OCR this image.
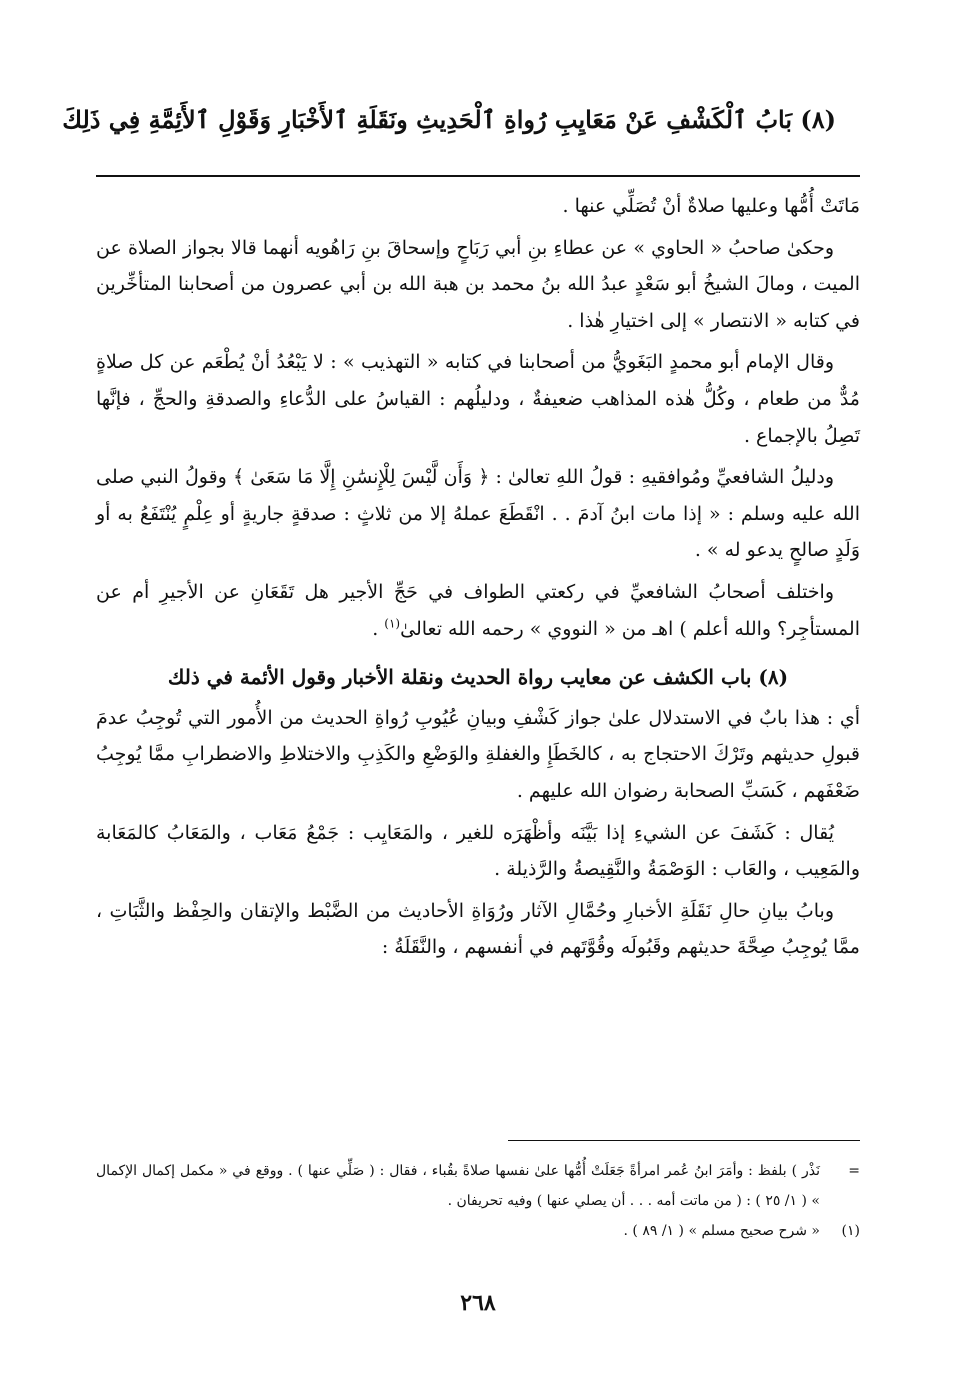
(٨) بَابُ ٱلْكَشْفِ عَنْ مَعَايِبِ رُواةِ ٱلْحَدِيثِ ونَقَلَةِ ٱلأَخْبَارِ وَقَوْلِ ٱلأَئِمَّةِ فِي ذَلِكَ

مَاتَتْ أُمُّها وعليها صلاةٌ أنْ تُصَلِّي عنها .

وحكىٰ صاحبُ « الحاوي » عن عطاءِ بنِ أبي رَبَاحٍ وإسحاقَ بنِ رَاهُويه أنهما قالا بجواز الصلاة عن الميت ، ومالَ الشيخُ أبو سَعْدٍ عبدُ الله بنُ محمد بن هبة الله بن أبي عصرون من أصحابنا المتأخِّرين في كتابه « الانتصار » إلى اختيارِ هٰذا .

وقال الإمام أبو محمدٍ البَغَويُّ من أصحابنا في كتابه « التهذيب » : لا يَبْعُدُ أنْ يُطْعَم عن كل صلاةٍ مُدٌّ من طعام ، وكُلُّ هٰذه المذاهب ضعيفةٌ ، ودليلُهم : القياسُ على الدُّعاءِ والصدقةِ والحجِّ ، فإنَّها تَصِلُ بالإجماع .

ودليلُ الشافعيِّ ومُوافقيهِ : قولُ اللهِ تعالىٰ : ﴿ وَأَن لَّيْسَ لِلْإِنسَٰنِ إِلَّا مَا سَعَىٰ ﴾ وقولُ النبي صلى الله عليه وسلم : « إذا مات ابنُ آدمَ . . انْقَطَعَ عملهُ إلا من ثلاثٍ : صدقةٍ جاريةٍ أو عِلْمٍ يُنْتَفَعُ به أو وَلَدٍ صالحٍ يدعو له » .

واختلف أصحابُ الشافعيِّ في ركعتي الطواف في حَجِّ الأجير هل تَقَعَانِ عن الأجيرِ أم عن المستأجِر؟ والله أعلم ) اهـ من « النووي » رحمه الله تعالىٰ$^{(١)}$ .

(٨) باب الكشف عن معايب رواة الحديث ونقلة الأخبار وقول الأئمة في ذلك

أي : هذا بابٌ في الاستدلال علىٰ جواز كَشْفِ وبيانِ عُيُوبِ رُواةِ الحديث من الأُمور التي تُوجِبُ عدمَ قبولِ حديثهم وتَرْكَ الاحتجاج به ، كالخَطَإِ والغفلةِ والوَضْعِ والكَذِبِ والاختلاطِ والاضطرابِ ممَّا يُوجِبُ ضَعْفَهم ، كَسَبِّ الصحابة رضوان الله عليهم .

يُقال : كَشَفَ عن الشيءِ إذا بَيَّنَه وأظْهَرَه للغير ، والمَعَايِب : جَمْعُ مَعَاب ، والمَعَابُ كالمَعَابة والمَعِيب ، والعَاب : الوَصْمَةُ والنَّقِيصةُ والرَّذيلة .

وبابُ بيانِ حالِ نَقَلَةِ الأخبارِ وحُمَّالِ الآثار ورُوَاةِ الأحاديث من الضَّبْط والإتقان والحِفْظ والثَّبَاتِ ، ممَّا يُوجِبُ صِحَّةَ حديثهم وقَبُولَه وقُوَّتَهم في أنفسهم ، والنَّقَلَةُ :

=
نَذْر ) بلفظ : وأمَرَ ابنُ عُمر امرأةً جَعَلَتْ أُمُّها علىٰ نفسها صلاةً بقُباء ، فقال : ( صَلِّي عنها ) . ووقع في « مكمل إكمال الإكمال » ( ١/ ٢٥ ) : ( من ماتت أمه . . . أن يصلي عنها ) وفيه تحريفان .
(١)
« شرح صحيح مسلم » ( ١/ ٨٩ ) .
٢٦٨
